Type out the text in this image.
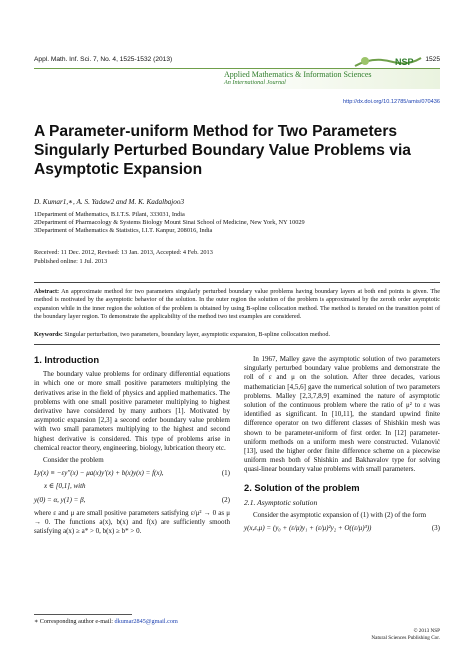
Appl. Math. Inf. Sci. 7, No. 4, 1525-1532 (2013)	1525
NSP
Applied Mathematics & Information Sciences
An International Journal
http://dx.doi.org/10.12785/amis/070436
A Parameter-uniform Method for Two Parameters Singularly Perturbed Boundary Value Problems via Asymptotic Expansion
D. Kumar1,∗, A. S. Yadaw2 and M. K. Kadalbajoo3
1Department of Mathematics, B.I.T.S. Pilani, 333031, India
2Department of Pharmacology & Systems Biology Mount Sinai School of Medicine, New York, NY 10029
3Department of Mathematics & Statistics, I.I.T. Kanpur, 208016, India
Received: 11 Dec. 2012, Revised: 13 Jan. 2013, Accepted: 4 Feb. 2013
Published online: 1 Jul. 2013
Abstract: An approximate method for two parameters singularly perturbed boundary value problems having boundary layers at both end points is given. The method is motivated by the asymptotic behavior of the solution. In the outer region the solution of the problem is approximated by the zeroth order asymptotic expansion while in the inner region the solution of the problem is obtained by using B-spline collocation method. The method is iterated on the transition point of the boundary layer region. To demonstrate the applicability of the method two test examples are considered.
Keywords: Singular perturbation, two parameters, boundary layer, asymptotic expansion, B-spline collocation method.
1. Introduction

The boundary value problems for ordinary differential equations in which one or more small positive parameters multiplying the derivatives arise in the field of physics and applied mathematics. The problems with one small positive parameter multiplying to highest derivative have considered by many authors [1]. Motivated by asymptotic expansion [2,3] a second order boundary value problem with two small parameters multiplying to the highest and second highest derivative is considered. This type of problems arise in chemical reactor theory, engineering, biology, lubrication theory etc.

Consider the problem

Ly(x) ≡ −εy″(x) − μa(x)y′(x) + b(x)y(x) = f(x),	(1)
x ∈ [0,1], with
y(0) = α, y(1) = β,	(2)

where ε and μ are small positive parameters satisfying ε/μ² → 0 as μ → 0. The functions a(x), b(x) and f(x) are sufficiently smooth satisfying a(x) ≥ a* > 0, b(x) ≥ b* > 0.

In 1967, Malley gave the asymptotic solution of two parameters singularly perturbed boundary value problems and demonstrate the roll of ε and μ on the solution. After three decades, various mathematician [4,5,6] gave the numerical solution of two parameters problems. Malley [2,3,7,8,9] examined the nature of asymptotic solution of the continuous problem where the ratio of μ² to ε was identified as significant. In [10,11], the standard upwind finite difference operator on two different classes of Shishkin mesh was shown to be parameter-uniform of first order. In [12] parameter-uniform methods on a uniform mesh were constructed. Vulanović [13], used the higher order finite difference scheme on a piecewise uniform mesh both of Shishkin and Bakhavalov type for solving quasi-linear boundary value problems with small parameters.

2. Solution of the problem
2.1. Asymptotic solution

Consider the asymptotic expansion of (1) with (2) of the form

y(x,ε,μ) = (y₀ + (ε/μ)y₁ + (ε/μ)²y₂ + O((ε/μ)³))	(3)
∗ Corresponding author e-mail: dkumar2845@gmail.com
© 2013 NSP
Natural Sciences Publishing Cor.
